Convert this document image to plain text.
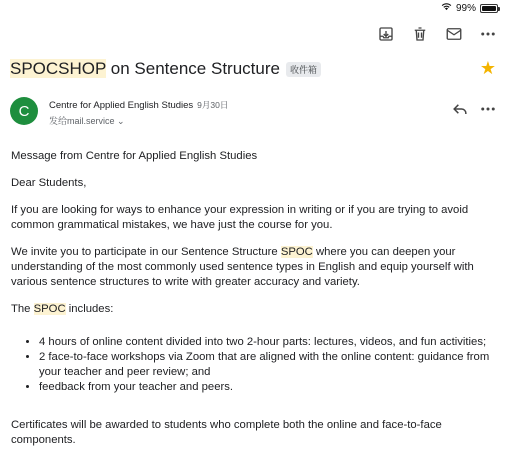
99%
SPOCSHOP on Sentence Structure	收件箱	★
C	Centre for Applied English Studies 9月30日
发给mail.service ⌄

Message from Centre for Applied English Studies

Dear Students,

If you are looking for ways to enhance your expression in writing or if you are trying to avoid common grammatical mistakes, we have just the course for you.

We invite you to participate in our Sentence Structure SPOC where you can deepen your understanding of the most commonly used sentence types in English and equip yourself with various sentence structures to write with greater accuracy and variety.

The SPOC includes:

• 4 hours of online content divided into two 2-hour parts: lectures, videos, and fun activities;
• 2 face-to-face workshops via Zoom that are aligned with the online content: guidance from your teacher and peer review; and
• feedback from your teacher and peers.

Certificates will be awarded to students who complete both the online and face-to-face components.
